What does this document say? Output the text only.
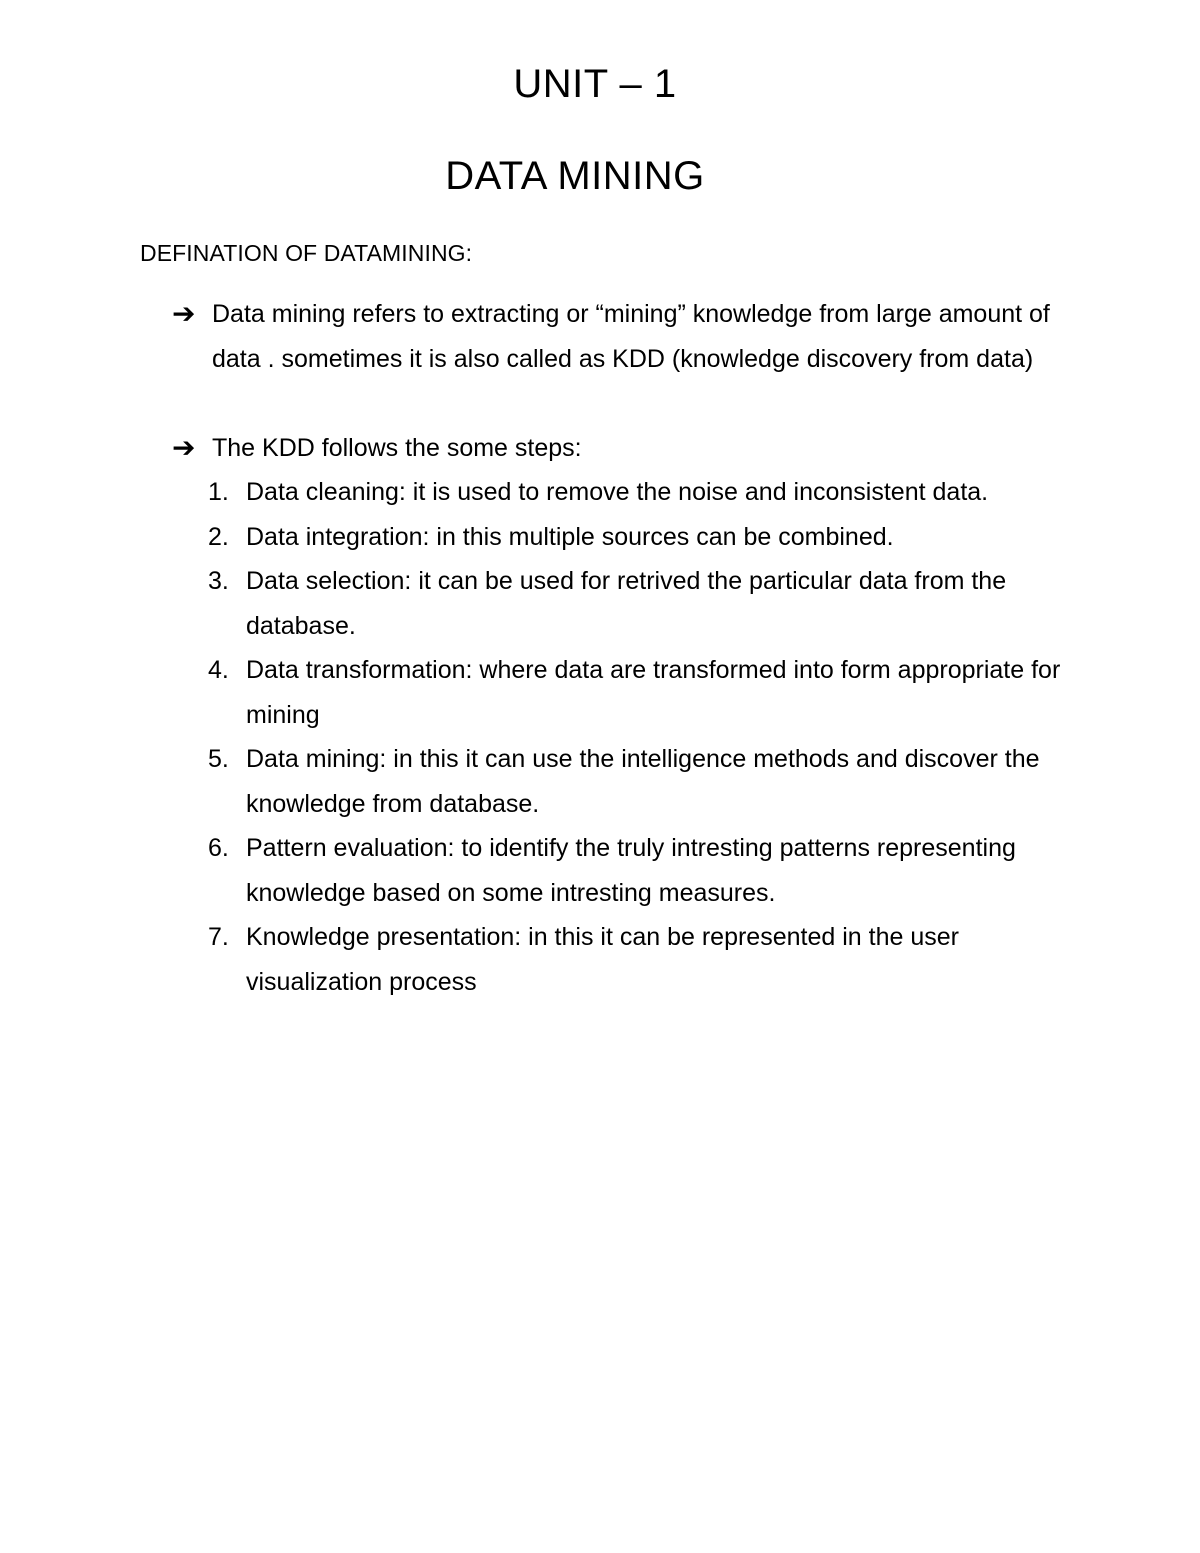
UNIT – 1
DATA MINING
DEFINATION OF DATAMINING:
➔ Data mining refers to extracting or “mining” knowledge from large amount of data . sometimes it is also called as KDD (knowledge discovery from data)
➔ The KDD follows the some steps:
1. Data cleaning: it is used to remove the noise and inconsistent data.
2. Data integration: in this multiple sources can be combined.
3. Data selection: it can be used for retrived the particular data from the database.
4. Data transformation: where data are transformed into form appropriate for mining
5. Data mining: in this it can use the intelligence methods and discover the knowledge from database.
6. Pattern evaluation: to identify the truly intresting patterns representing knowledge based on some intresting measures.
7. Knowledge presentation: in this it can be represented in the user visualization process
